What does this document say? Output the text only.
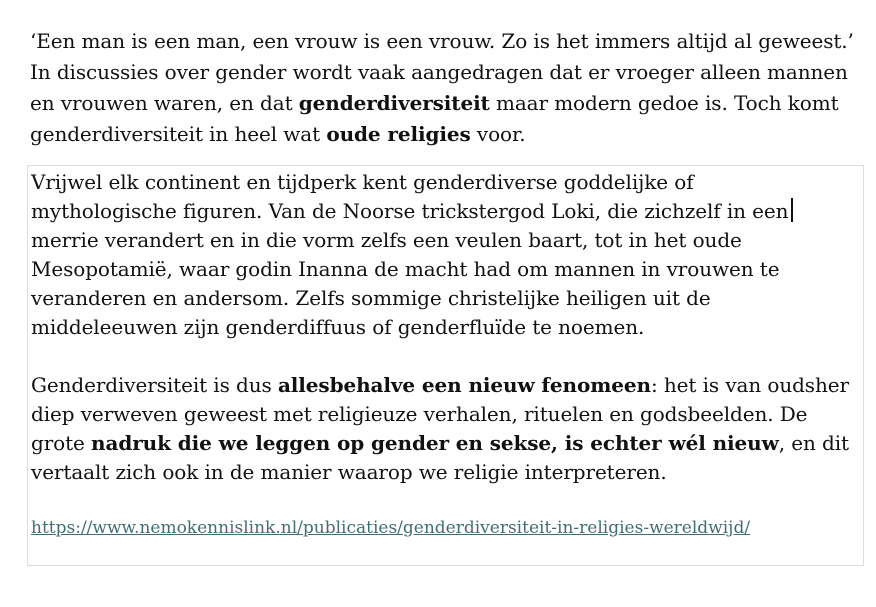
‘Een man is een man, een vrouw is een vrouw. Zo is het immers altijd al geweest.’ In discussies over gender wordt vaak aangedragen dat er vroeger alleen mannen en vrouwen waren, en dat genderdiversiteit maar modern gedoe is. Toch komt genderdiversiteit in heel wat oude religies voor.

Vrijwel elk continent en tijdperk kent genderdiverse goddelijke of
mythologische figuren. Van de Noorse trickstergod Loki, die zichzelf in een
merrie verandert en in die vorm zelfs een veulen baart, tot in het oude
Mesopotamië, waar godin Inanna de macht had om mannen in vrouwen te
veranderen en andersom. Zelfs sommige christelijke heiligen uit de
middeleeuwen zijn genderdiffuus of genderfluïde te noemen.

Genderdiversiteit is dus allesbehalve een nieuw fenomeen: het is van oudsher diep verweven geweest met religieuze verhalen, rituelen en godsbeelden. De grote nadruk die we leggen op gender en sekse, is echter wél nieuw, en dit vertaalt zich ook in de manier waarop we religie interpreteren.

https://www.nemokennislink.nl/publicaties/genderdiversiteit-in-religies-wereldwijd/
